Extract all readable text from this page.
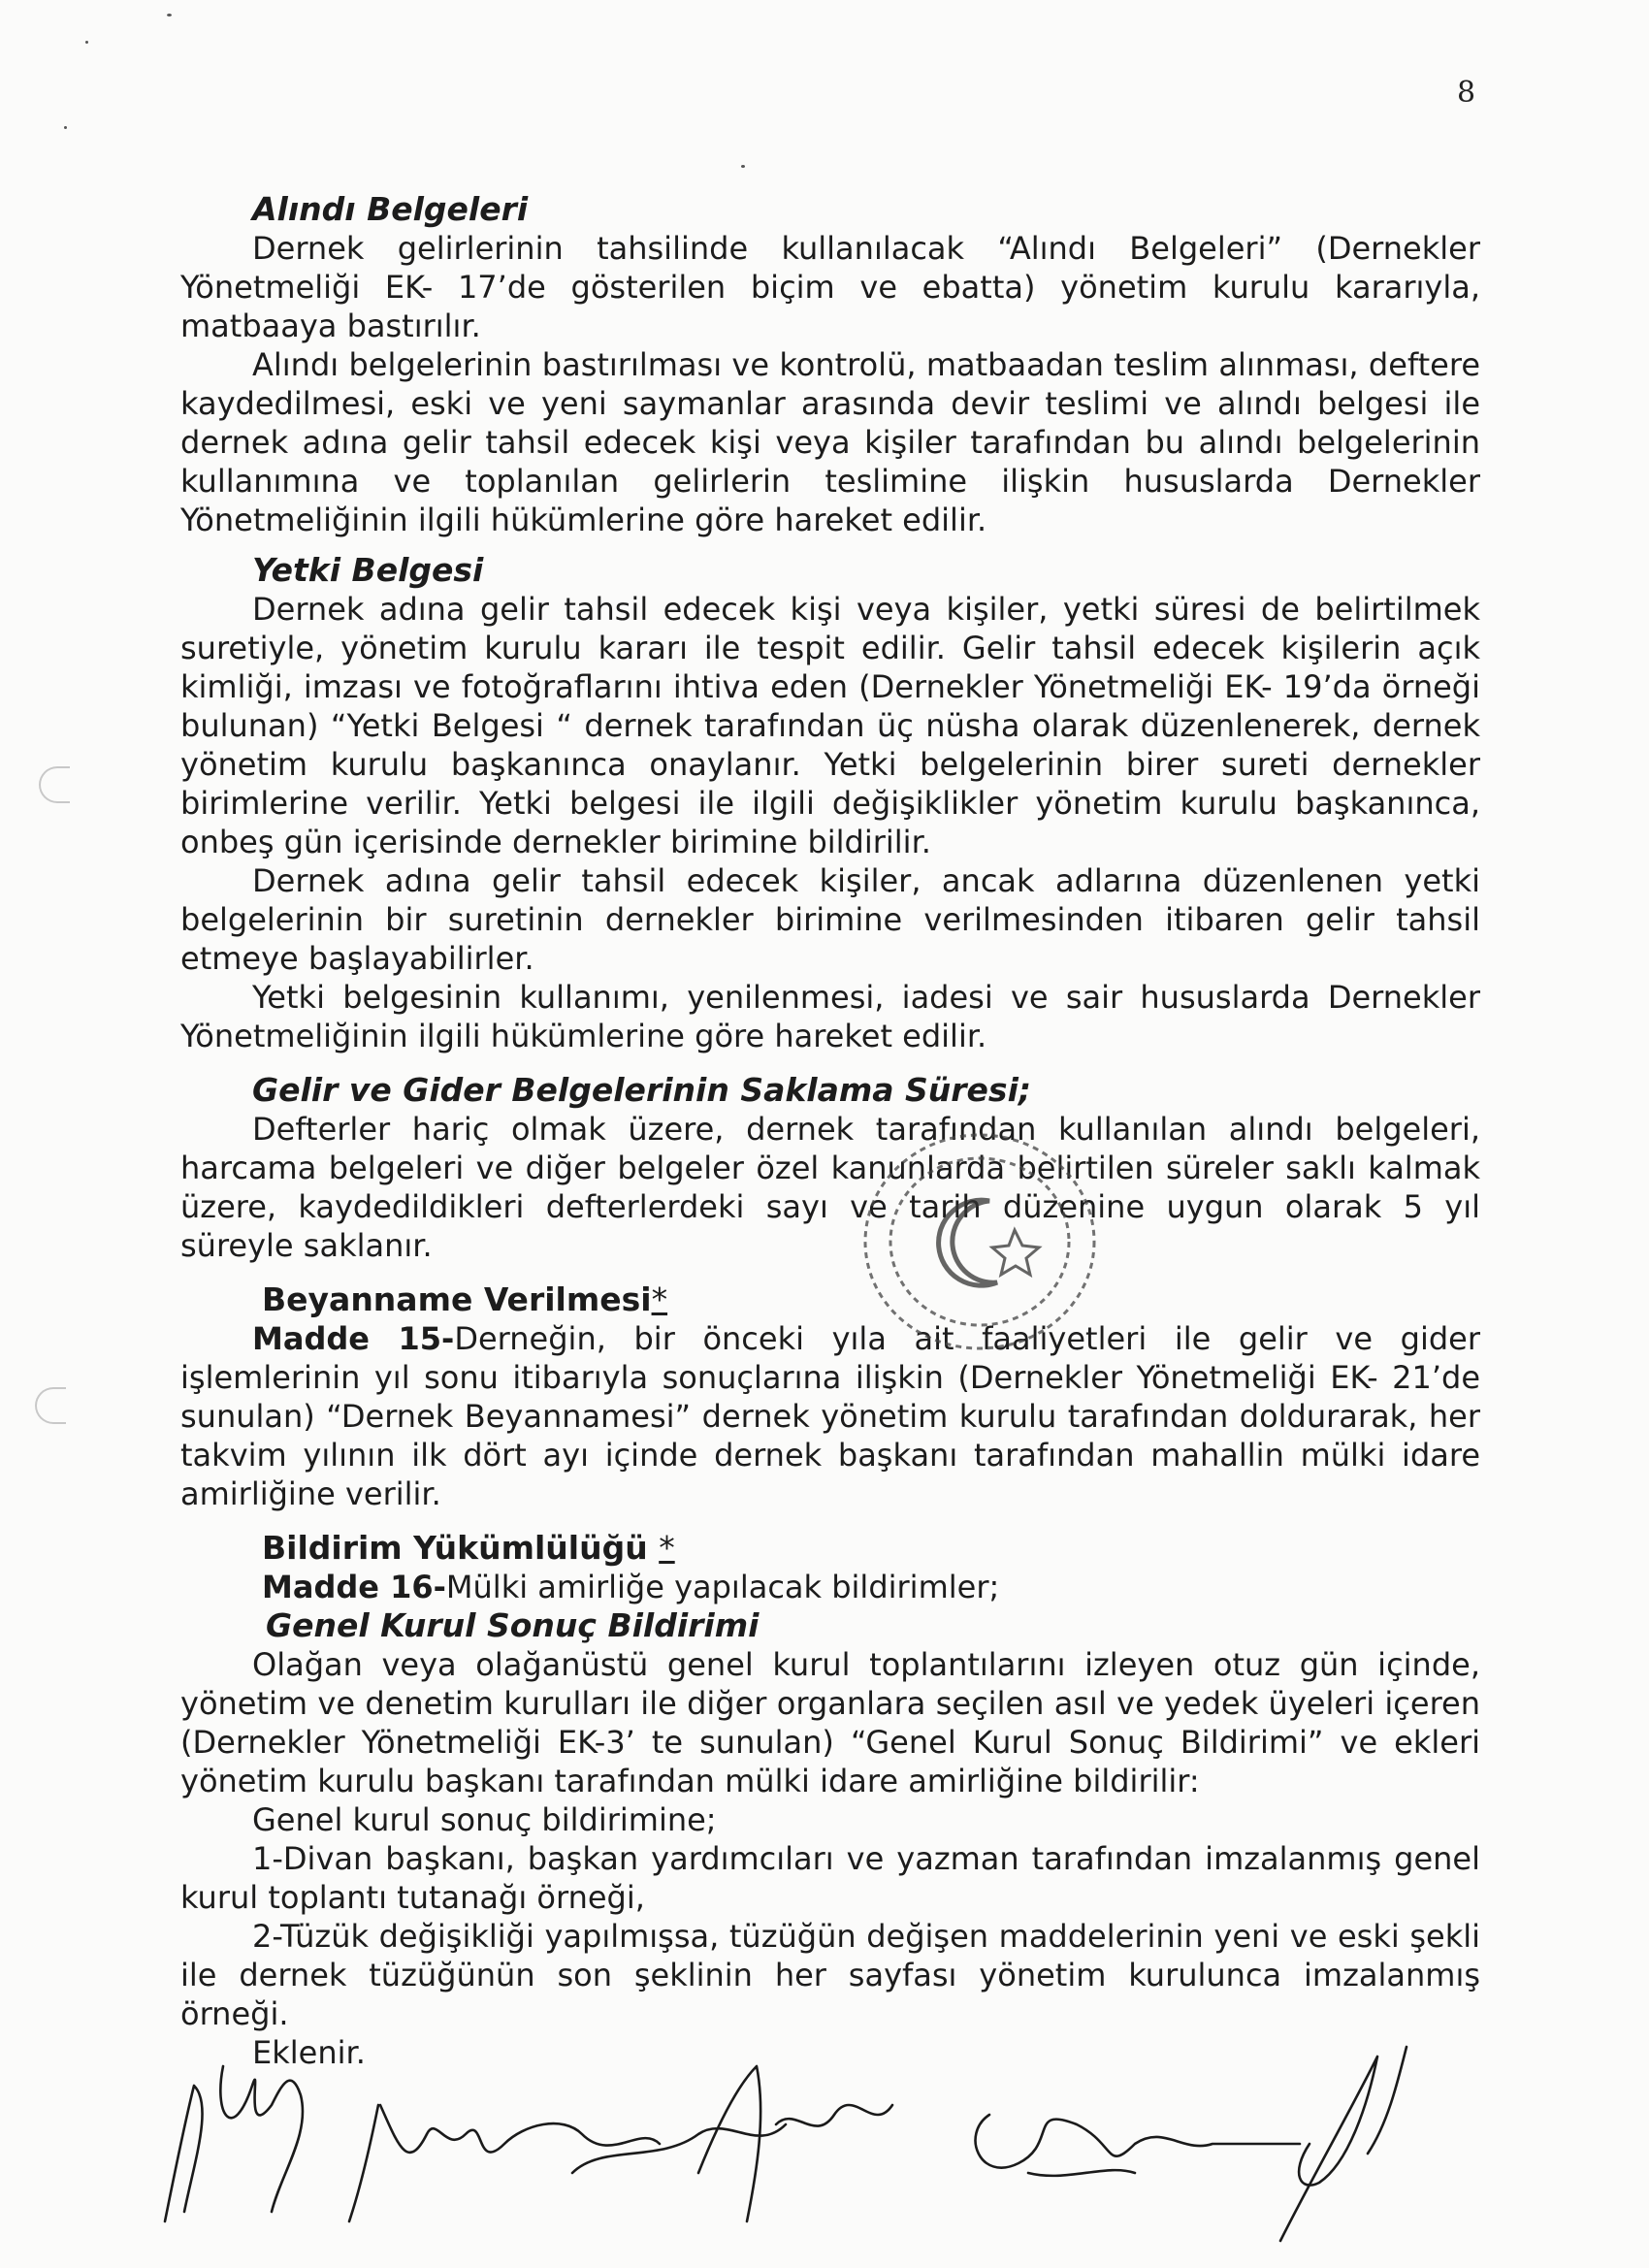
8
Alındı Belgeleri

Dernek gelirlerinin tahsilinde kullanılacak “Alındı Belgeleri” (Dernekler Yönetmeliği EK- 17’de gösterilen biçim ve ebatta) yönetim kurulu kararıyla, matbaaya bastırılır.

Alındı belgelerinin bastırılması ve kontrolü, matbaadan teslim alınması, deftere kaydedilmesi, eski ve yeni saymanlar arasında devir teslimi ve alındı belgesi ile dernek adına gelir tahsil edecek kişi veya kişiler tarafından bu alındı belgelerinin kullanımına ve toplanılan gelirlerin teslimine ilişkin hususlarda Dernekler Yönetmeliğinin ilgili hükümlerine göre hareket edilir.

Yetki Belgesi

Dernek adına gelir tahsil edecek kişi veya kişiler, yetki süresi de belirtilmek suretiyle, yönetim kurulu kararı ile tespit edilir. Gelir tahsil edecek kişilerin açık kimliği, imzası ve fotoğraflarını ihtiva eden (Dernekler Yönetmeliği EK- 19’da örneği bulunan) “Yetki Belgesi “ dernek tarafından üç nüsha olarak düzenlenerek, dernek yönetim kurulu başkanınca onaylanır. Yetki belgelerinin birer sureti dernekler birimlerine verilir. Yetki belgesi ile ilgili değişiklikler yönetim kurulu başkanınca, onbeş gün içerisinde dernekler birimine bildirilir.

Dernek adına gelir tahsil edecek kişiler, ancak adlarına düzenlenen yetki belgelerinin bir suretinin dernekler birimine verilmesinden itibaren gelir tahsil etmeye başlayabilirler.

Yetki belgesinin kullanımı, yenilenmesi, iadesi ve sair hususlarda Dernekler Yönetmeliğinin ilgili hükümlerine göre hareket edilir.

Gelir ve Gider Belgelerinin Saklama Süresi;

Defterler hariç olmak üzere, dernek tarafından kullanılan alındı belgeleri, harcama belgeleri ve diğer belgeler özel kanunlarda belirtilen süreler saklı kalmak üzere, kaydedildikleri defterlerdeki sayı ve tarih düzenine uygun olarak 5 yıl süreyle saklanır.

Beyanname Verilmesi*

Madde 15-Derneğin, bir önceki yıla ait faaliyetleri ile gelir ve gider işlemlerinin yıl sonu itibarıyla sonuçlarına ilişkin (Dernekler Yönetmeliği EK- 21’de sunulan) “Dernek Beyannamesi” dernek yönetim kurulu tarafından doldurarak, her takvim yılının ilk dört ayı içinde dernek başkanı tarafından mahallin mülki idare amirliğine verilir.

Bildirim Yükümlülüğü *
Madde 16-Mülki amirliğe yapılacak bildirimler;
Genel Kurul Sonuç Bildirimi

Olağan veya olağanüstü genel kurul toplantılarını izleyen otuz gün içinde, yönetim ve denetim kurulları ile diğer organlara seçilen asıl ve yedek üyeleri içeren (Dernekler Yönetmeliği EK-3’ te sunulan) “Genel Kurul Sonuç Bildirimi” ve ekleri yönetim kurulu başkanı tarafından mülki idare amirliğine bildirilir:

Genel kurul sonuç bildirimine;

1-Divan başkanı, başkan yardımcıları ve yazman tarafından imzalanmış genel kurul toplantı tutanağı örneği,

2-Tüzük değişikliği yapılmışsa, tüzüğün değişen maddelerinin yeni ve eski şekli ile dernek tüzüğünün son şeklinin her sayfası yönetim kurulunca imzalanmış örneği.

Eklenir.
